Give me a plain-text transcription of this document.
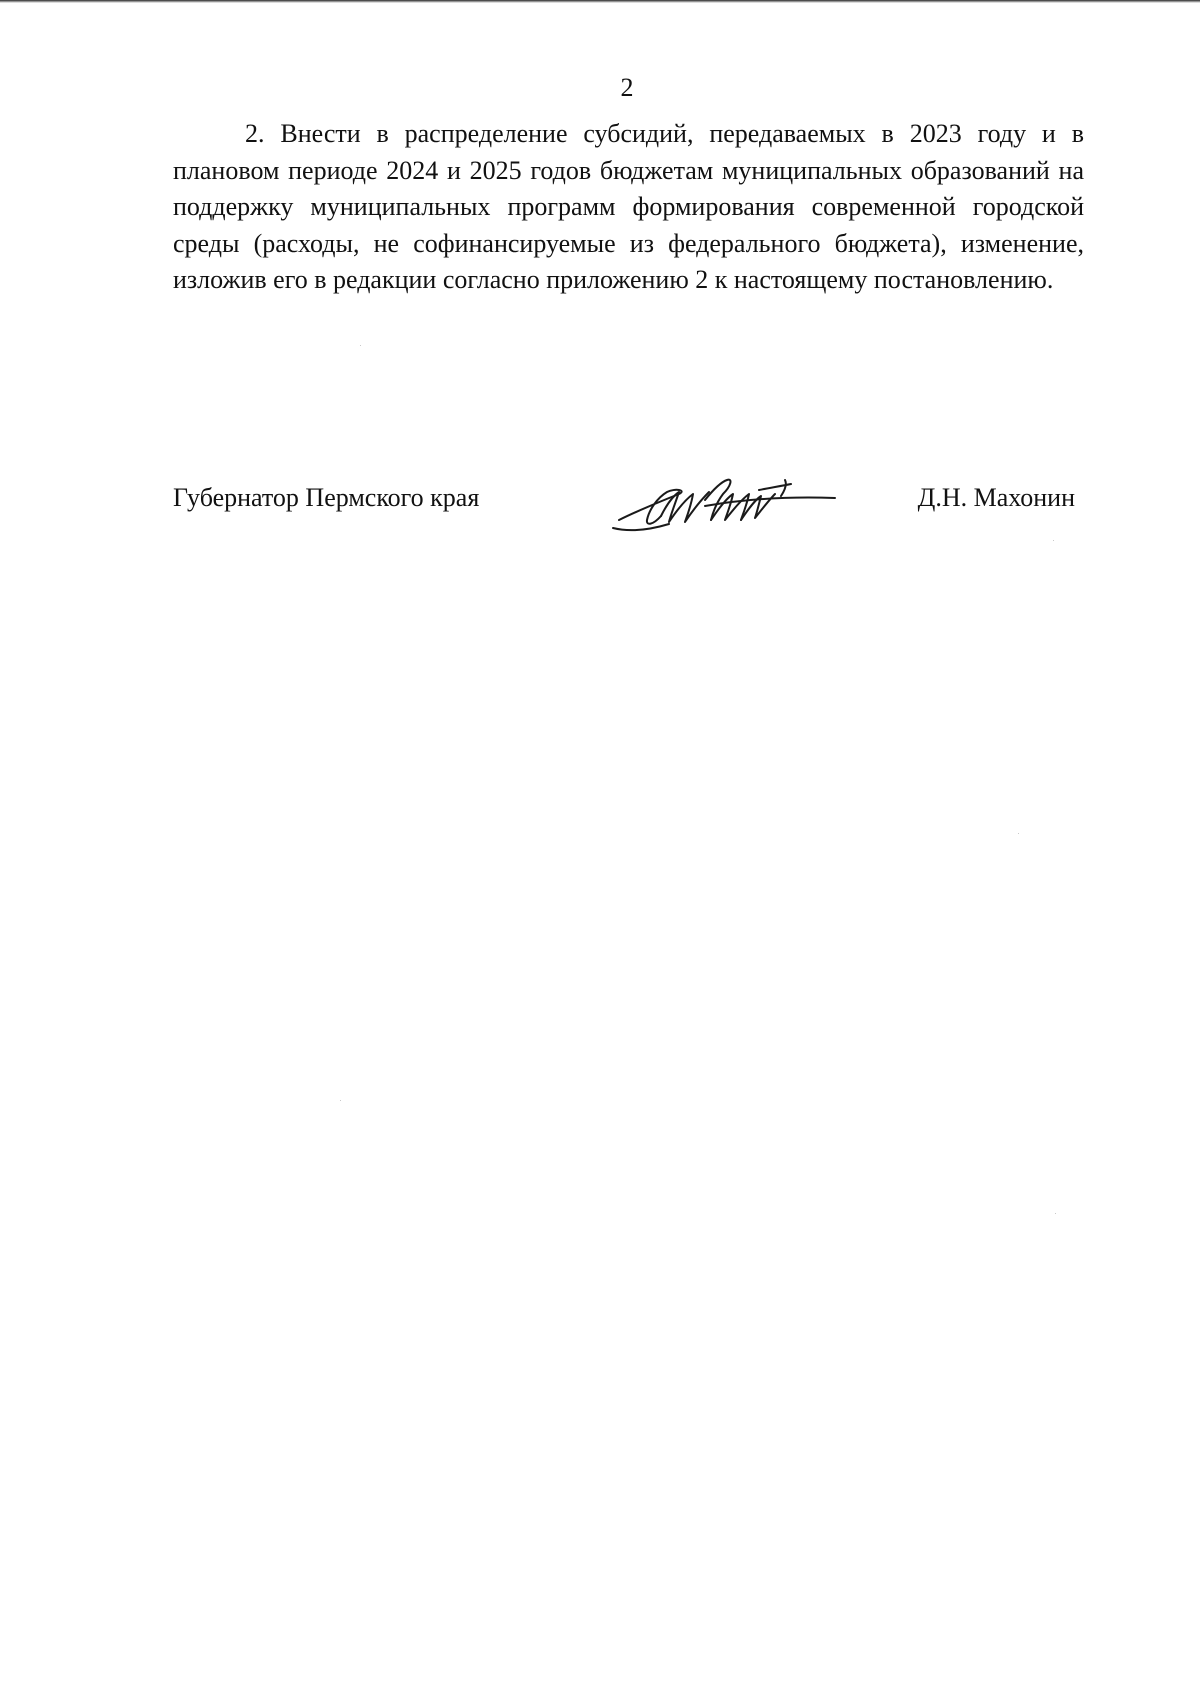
2

2. Внести в распределение субсидий, передаваемых в 2023 году и в плановом периоде 2024 и 2025 годов бюджетам муниципальных образований на поддержку муниципальных программ формирования современной городской среды (расходы, не софинансируемые из федерального бюджета), изменение, изложив его в редакции согласно приложению 2 к настоящему постановлению.

Губернатор Пермского края	Д.Н. Махонин
